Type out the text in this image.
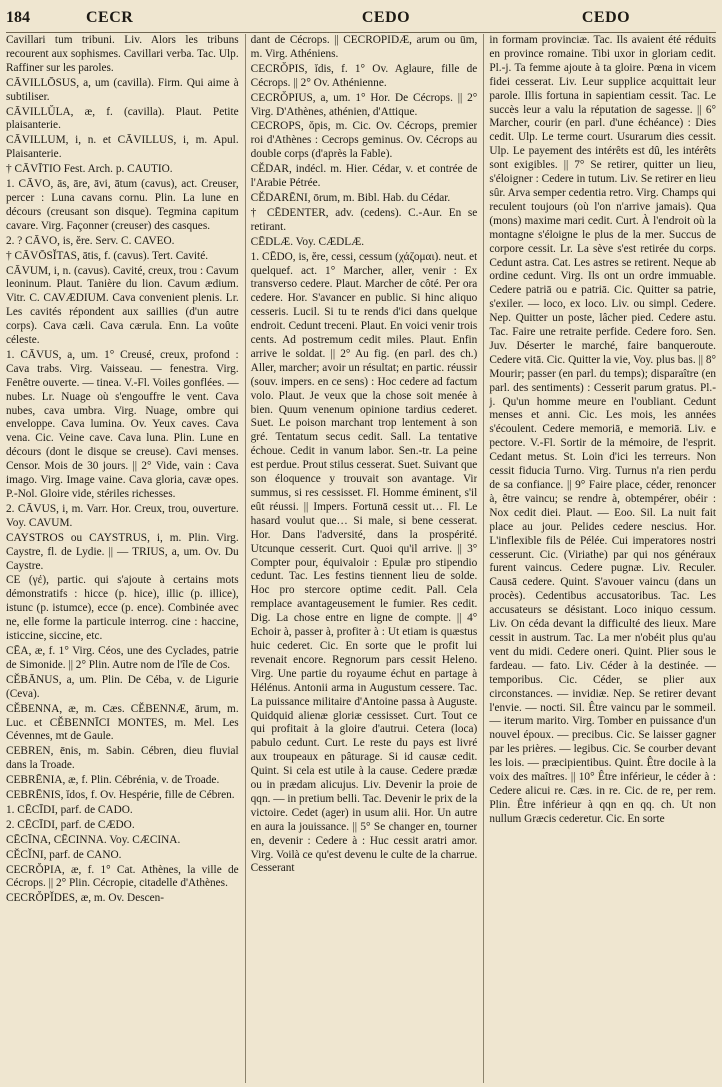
184	CECR	CEDO	CEDO

Cavillari tum tribuni. Liv. Alors les tribuns recourent aux sophismes. Cavillari verba. Tac. Ulp. Raffiner sur les paroles.

CĀVILLŌSUS, a, um (cavilla). Firm. Qui aime à subtiliser.

CĀVILLŬLA, æ, f. (cavilla). Plaut. Petite plaisanterie.

CĀVILLUM, i, n. et CĀVILLUS, i, m. Apul. Plaisanterie.

† CĀVĪTIO Fest. Arch. p. CAUTIO.

1. CĀVO, ās, āre, āvi, ātum (cavus), act. Creuser, percer : Luna cavans cornu. Plin. La lune en décours (creusant son disque). Tegmina capitum cavare. Virg. Façonner (creuser) des casques.

2. ? CĀVO, is, ĕre. Serv. C. CAVEO.

† CĀVŌSĬTAS, ātis, f. (cavus). Tert. Cavité.

CĀVUM, i, n. (cavus). Cavité, creux, trou : Cavum leoninum. Plaut. Tanière du lion. Cavum ædium. Vitr. C. CAVÆDIUM. Cava convenient plenis. Lr. Les cavités répondent aux saillies (d'un autre corps). Cava cæli. Cava cærula. Enn. La voûte céleste.

1. CĀVUS, a, um. 1° Creusé, creux, profond : Cava trabs. Virg. Vaisseau. — fenestra. Virg. Fenêtre ouverte. — tinea. V.-Fl. Voiles gonflées. — nubes. Lr. Nuage où s'engouffre le vent. Cava nubes, cava umbra. Virg. Nuage, ombre qui enveloppe. Cava lumina. Ov. Yeux caves. Cava vena. Cic. Veine cave. Cava luna. Plin. Lune en décours (dont le disque se creuse). Cavi menses. Censor. Mois de 30 jours. || 2° Vide, vain : Cava imago. Virg. Image vaine. Cava gloria, cavæ opes. P.-Nol. Gloire vide, stériles richesses.

2. CĀVUS, i, m. Varr. Hor. Creux, trou, ouverture. Voy. CAVUM.

CAYSTROS ou CAYSTRUS, i, m. Plin. Virg. Caystre, fl. de Lydie. || — TRIUS, a, um. Ov. Du Caystre.

CE (γέ), partic. qui s'ajoute à certains mots démonstratifs : hicce (p. hice), illic (p. illice), istunc (p. istumce), ecce (p. ence). Combinée avec ne, elle forme la particule interrog. cine : haccine, isticcine, siccine, etc.

CĒA, æ, f. 1° Virg. Céos, une des Cyclades, patrie de Simonide. || 2° Plin. Autre nom de l'île de Cos.

CĔBĀNUS, a, um. Plin. De Céba, v. de Ligurie (Ceva).

CĔBENNA, æ, m. Cæs. CĔBENNÆ, ārum, m. Luc. et CĔBENNĪCI MONTES, m. Mel. Les Cévennes, mt de Gaule.

CEBREN, ēnis, m. Sabin. Cébren, dieu fluvial dans la Troade.

CEBRĒNIA, æ, f. Plin. Cébrénia, v. de Troade.

CEBRĒNIS, ĭdos, f. Ov. Hespérie, fille de Cébren.

1. CĒCĪDI, parf. de CADO.

2. CĒCĪDI, parf. de CÆDO.

CĒCĪNA, CĒCINNA. Voy. CÆCINA.

CĔCĬNI, parf. de CANO.

CECRŎPIA, æ, f. 1° Cat. Athènes, la ville de Cécrops. || 2° Plin. Cécropie, citadelle d'Athènes.

CECRŎPĬDES, æ, m. Ov. Descen-

dant de Cécrops. || CECROPIDÆ, arum ou ūm, m. Virg. Athéniens.

CECRŎPIS, ĭdis, f. 1° Ov. Aglaure, fille de Cécrops. || 2° Ov. Athénienne.

CECRŎPIUS, a, um. 1° Hor. De Cécrops. || 2° Virg. D'Athènes, athénien, d'Attique.

CECROPS, ŏpis, m. Cic. Ov. Cécrops, premier roi d'Athènes : Cecrops geminus. Ov. Cécrops au double corps (d'après la Fable).

CĔDAR, indécl. m. Hier. Cédar, v. et contrée de l'Arabie Pétrée.

CĔDARĒNI, ōrum, m. Bibl. Hab. du Cédar.

† CĒDENTER, adv. (cedens). C.-Aur. En se retirant.

CĒDLÆ. Voy. CÆDLÆ.

1. CĒDO, is, ĕre, cessi, cessum (χάζομαι). neut. et quelquef. act. 1° Marcher, aller, venir : Ex transverso cedere. Plaut. Marcher de côté. Per ora cedere. Hor. S'avancer en public. Si hinc aliquo cesseris. Lucil. Si tu te rends d'ici dans quelque endroit. Cedunt treceni. Plaut. En voici venir trois cents. Ad postremum cedit miles. Plaut. Enfin arrive le soldat. || 2° Au fig. (en parl. des ch.) Aller, marcher; avoir un résultat; en partic. réussir (souv. impers. en ce sens) : Hoc cedere ad factum volo. Plaut. Je veux que la chose soit menée à bien. Quum venenum opinione tardius cederet. Suet. Le poison marchant trop lentement à son gré. Tentatum secus cedit. Sall. La tentative échoue. Cedit in vanum labor. Sen.-tr. La peine est perdue. Prout stilus cesserat. Suet. Suivant que son éloquence y trouvait son avantage. Vir summus, si res cessisset. Fl. Homme éminent, s'il eût réussi. || Impers. Fortunā cessit ut… Fl. Le hasard voulut que… Si male, si bene cesserat. Hor. Dans l'adversité, dans la prospérité. Utcunque cesserit. Curt. Quoi qu'il arrive. || 3° Compter pour, équivaloir : Epulæ pro stipendio cedunt. Tac. Les festins tiennent lieu de solde. Hoc pro stercore optime cedit. Pall. Cela remplace avantageusement le fumier. Res cedit. Dig. La chose entre en ligne de compte. || 4° Echoir à, passer à, profiter à : Ut etiam is quæstus huic cederet. Cic. En sorte que le profit lui revenait encore. Regnorum pars cessit Heleno. Virg. Une partie du royaume échut en partage à Hélénus. Antonii arma in Augustum cessere. Tac. La puissance militaire d'Antoine passa à Auguste. Quidquid alienæ gloriæ cessisset. Curt. Tout ce qui profitait à la gloire d'autrui. Cetera (loca) pabulo cedunt. Curt. Le reste du pays est livré aux troupeaux en pâturage. Si id causæ cedit. Quint. Si cela est utile à la cause. Cedere prædæ ou in prædam alicujus. Liv. Devenir la proie de qqn. — in pretium belli. Tac. Devenir le prix de la victoire. Cedet (ager) in usum alii. Hor. Un autre en aura la jouissance. || 5° Se changer en, tourner en, devenir : Cedere à : Huc cessit aratri amor. Virg. Voilà ce qu'est devenu le culte de la charrue. Cesserant

in formam provinciæ. Tac. Ils avaient été réduits en province romaine. Tibi uxor in gloriam cedit. Pl.-j. Ta femme ajoute à ta gloire. Pœna in vicem fidei cesserat. Liv. Leur supplice acquittait leur parole. Illis fortuna in sapientiam cessit. Tac. Le succès leur a valu la réputation de sagesse. || 6° Marcher, courir (en parl. d'une échéance) : Dies cedit. Ulp. Le terme court. Usurarum dies cessit. Ulp. Le payement des intérêts est dû, les intérêts sont exigibles. || 7° Se retirer, quitter un lieu, s'éloigner : Cedere in tutum. Liv. Se retirer en lieu sûr. Arva semper cedentia retro. Virg. Champs qui reculent toujours (où l'on n'arrive jamais). Qua (mons) maxime mari cedit. Curt. À l'endroit où la montagne s'éloigne le plus de la mer. Succus de corpore cessit. Lr. La sève s'est retirée du corps. Cedunt astra. Cat. Les astres se retirent. Neque ab ordine cedunt. Virg. Ils ont un ordre immuable. Cedere patriā ou e patriā. Cic. Quitter sa patrie, s'exiler. — loco, ex loco. Liv. ou simpl. Cedere. Nep. Quitter un poste, lâcher pied. Cedere astu. Tac. Faire une retraite perfide. Cedere foro. Sen. Juv. Déserter le marché, faire banqueroute. Cedere vitā. Cic. Quitter la vie, Voy. plus bas. || 8° Mourir; passer (en parl. du temps); disparaître (en parl. des sentiments) : Cesserit parum gratus. Pl.-j. Qu'un homme meure en l'oubliant. Cedunt menses et anni. Cic. Les mois, les années s'écoulent. Cedere memoriā, e memoriā. Liv. e pectore. V.-Fl. Sortir de la mémoire, de l'esprit. Cedant metus. St. Loin d'ici les terreurs. Non cessit fiducia Turno. Virg. Turnus n'a rien perdu de sa confiance. || 9° Faire place, céder, renoncer à, être vaincu; se rendre à, obtempérer, obéir : Nox cedit diei. Plaut. — Eoo. Sil. La nuit fait place au jour. Pelides cedere nescius. Hor. L'inflexible fils de Pélée. Cui imperatores nostri cesserunt. Cic. (Viriathe) par qui nos généraux furent vaincus. Cedere pugnæ. Liv. Reculer. Causā cedere. Quint. S'avouer vaincu (dans un procès). Cedentibus accusatoribus. Tac. Les accusateurs se désistant. Loco iniquo cessum. Liv. On céda devant la difficulté des lieux. Mare cessit in austrum. Tac. La mer n'obéit plus qu'au vent du midi. Cedere oneri. Quint. Plier sous le fardeau. — fato. Liv. Céder à la destinée. — temporibus. Cic. Céder, se plier aux circonstances. — invidiæ. Nep. Se retirer devant l'envie. — nocti. Sil. Être vaincu par le sommeil. — iterum marito. Virg. Tomber en puissance d'un nouvel époux. — precibus. Cic. Se laisser gagner par les prières. — legibus. Cic. Se courber devant les lois. — præcipientibus. Quint. Être docile à la voix des maîtres. || 10° Être inférieur, le céder à : Cedere alicui re. Cæs. in re. Cic. de re, per rem. Plin. Être inférieur à qqn en qq. ch. Ut non nullum Græcis cederetur. Cic. En sorte
